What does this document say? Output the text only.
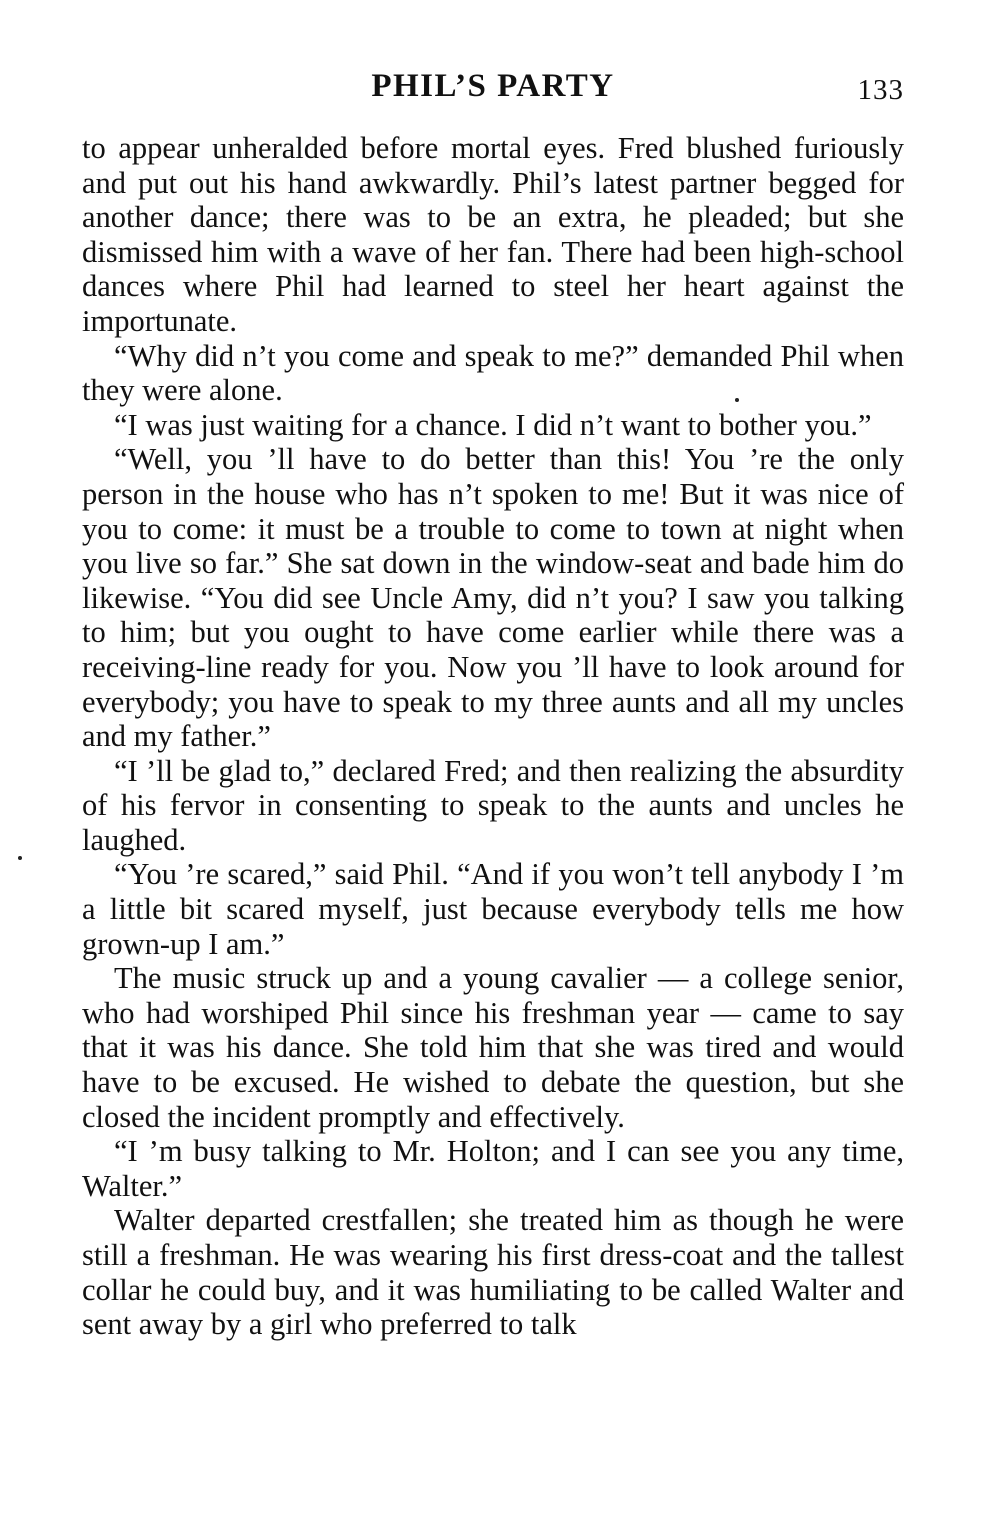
PHIL’S PARTY	133

to appear unheralded before mortal eyes. Fred blushed furiously and put out his hand awkwardly. Phil’s latest partner begged for another dance; there was to be an extra, he pleaded; but she dismissed him with a wave of her fan. There had been high-school dances where Phil had learned to steel her heart against the importunate.

“Why did n’t you come and speak to me?” demanded Phil when they were alone.

“I was just waiting for a chance. I did n’t want to bother you.”

“Well, you ’ll have to do better than this! You ’re the only person in the house who has n’t spoken to me! But it was nice of you to come: it must be a trouble to come to town at night when you live so far.” She sat down in the window-seat and bade him do likewise. “You did see Uncle Amy, did n’t you? I saw you talking to him; but you ought to have come earlier while there was a receiving-line ready for you. Now you ’ll have to look around for everybody; you have to speak to my three aunts and all my uncles and my father.”

“I ’ll be glad to,” declared Fred; and then realizing the absurdity of his fervor in consenting to speak to the aunts and uncles he laughed.

“You ’re scared,” said Phil. “And if you won’t tell anybody I ’m a little bit scared myself, just because everybody tells me how grown-up I am.”

The music struck up and a young cavalier — a college senior, who had worshiped Phil since his freshman year — came to say that it was his dance. She told him that she was tired and would have to be excused. He wished to debate the question, but she closed the incident promptly and effectively.

“I ’m busy talking to Mr. Holton; and I can see you any time, Walter.”

Walter departed crestfallen; she treated him as though he were still a freshman. He was wearing his first dress-coat and the tallest collar he could buy, and it was humiliating to be called Walter and sent away by a girl who preferred to talk
